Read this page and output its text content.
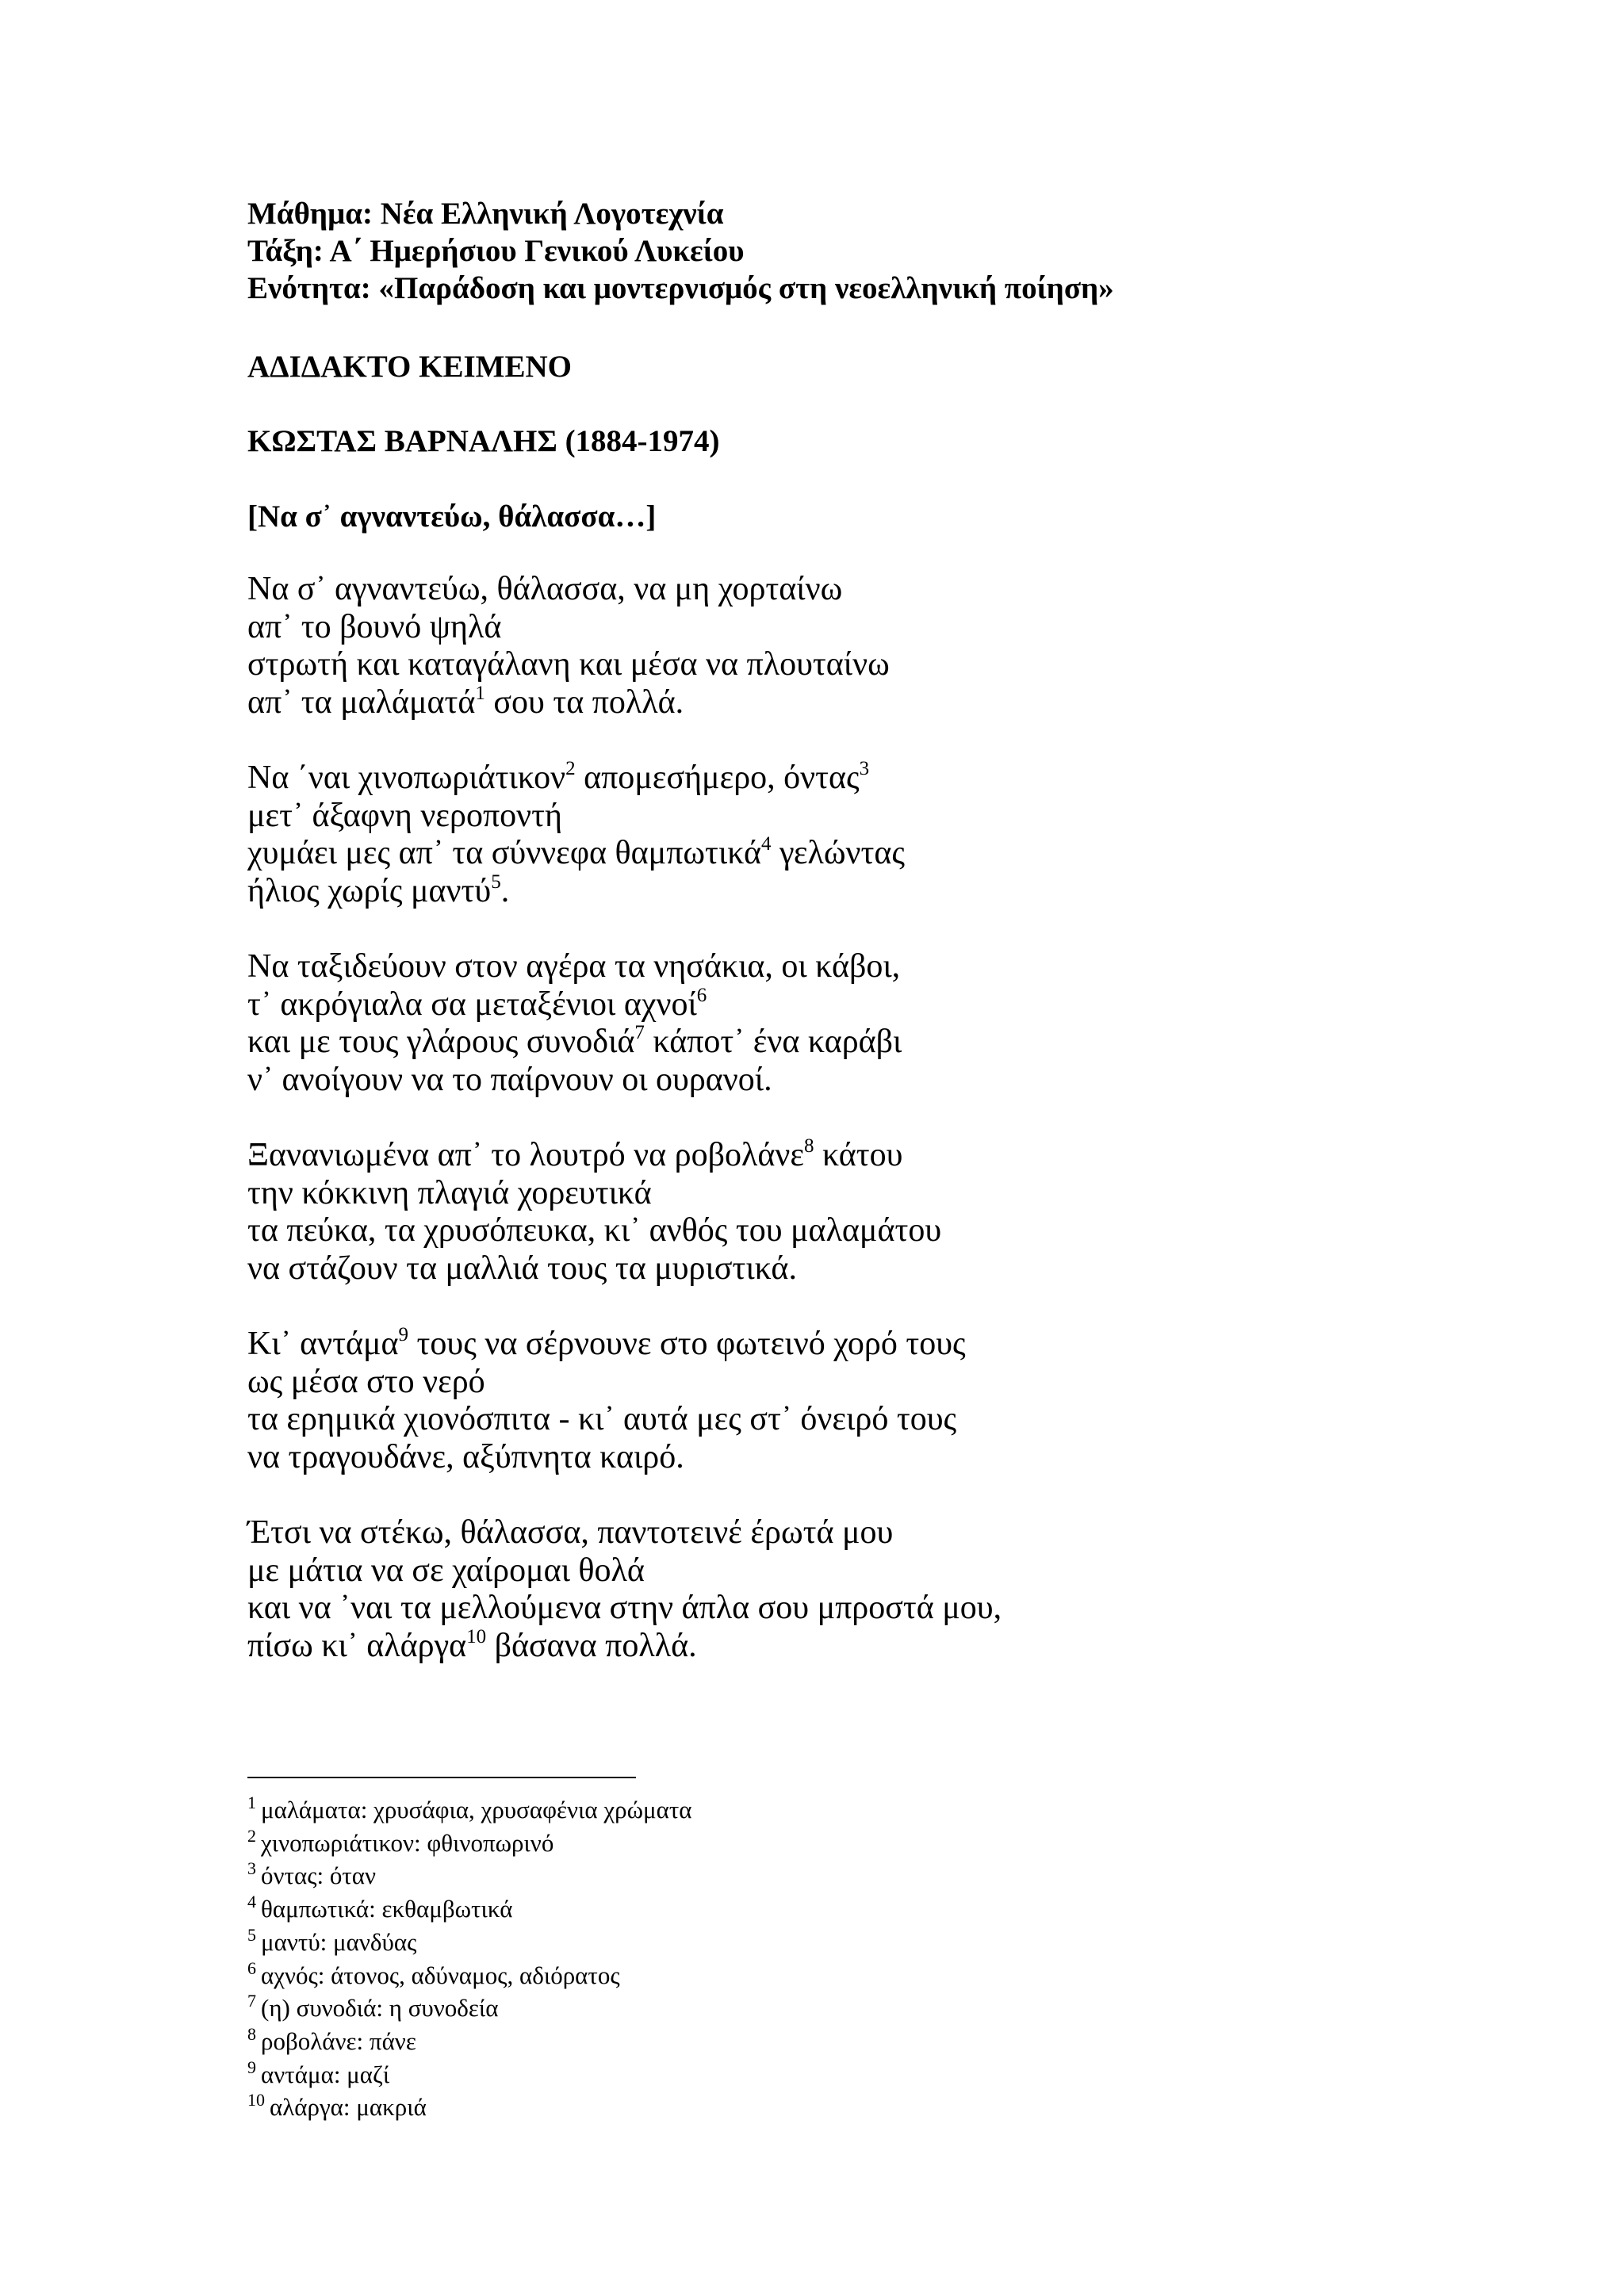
Μάθημα: Νέα Ελληνική Λογοτεχνία

Τάξη: Α΄ Ημερήσιου Γενικού Λυκείου

Ενότητα: «Παράδοση και μοντερνισμός στη νεοελληνική ποίηση»

ΑΔΙΔΑΚΤΟ ΚΕΙΜΕΝΟ

ΚΩΣΤΑΣ ΒΑΡΝΑΛΗΣ (1884-1974)

[Να σ᾽ αγναντεύω, θάλασσα…]

Να σ᾽ αγναντεύω, θάλασσα, να μη χορταίνω

απ᾽ το βουνό ψηλά

στρωτή και καταγάλανη και μέσα να πλουταίνω

απ᾽ τα μαλάματά$^1$ σου τα πολλά.

Να ΄ναι χινοπωριάτικον$^2$ απομεσήμερο, όντας$^3$

μετ᾽ άξαφνη νεροποντή

χυμάει μες απ᾽ τα σύννεφα θαμπωτικά$^4$ γελώντας

ήλιος χωρίς μαντύ$^5$.

Να ταξιδεύουν στον αγέρα τα νησάκια, οι κάβοι,

τ᾽ ακρόγιαλα σα μεταξένιοι αχνοί$^6$

και με τους γλάρους συνοδιά$^7$ κάποτ᾽ ένα καράβι

ν᾽ ανοίγουν να το παίρνουν οι ουρανοί.

Ξανανιωμένα απ᾽ το λουτρό να ροβολάνε$^8$ κάτου

την κόκκινη πλαγιά χορευτικά

τα πεύκα, τα χρυσόπευκα, κι᾽ ανθός του μαλαμάτου

να στάζουν τα μαλλιά τους τα μυριστικά.

Κι᾽ αντάμα$^9$ τους να σέρνουνε στο φωτεινό χορό τους

ως μέσα στο νερό

τα ερημικά χιονόσπιτα - κι᾽ αυτά μες στ᾽ όνειρό τους

να τραγουδάνε, αξύπνητα καιρό.

Έτσι να στέκω, θάλασσα, παντοτεινέ έρωτά μου

με μάτια να σε χαίρομαι θολά

και να ᾽ναι τα μελλούμενα στην άπλα σου μπροστά μου,

πίσω κι᾽ αλάργα$^{10}$ βάσανα πολλά.

$^1$ μαλάματα: χρυσάφια, χρυσαφένια χρώματα

$^2$ χινοπωριάτικον: φθινοπωρινό

$^3$ όντας: όταν

$^4$ θαμπωτικά: εκθαμβωτικά

$^5$ μαντύ: μανδύας

$^6$ αχνός: άτονος, αδύναμος, αδιόρατος

$^7$ (η) συνοδιά: η συνοδεία

$^8$ ροβολάνε: πάνε

$^9$ αντάμα: μαζί

$^{10}$ αλάργα: μακριά
